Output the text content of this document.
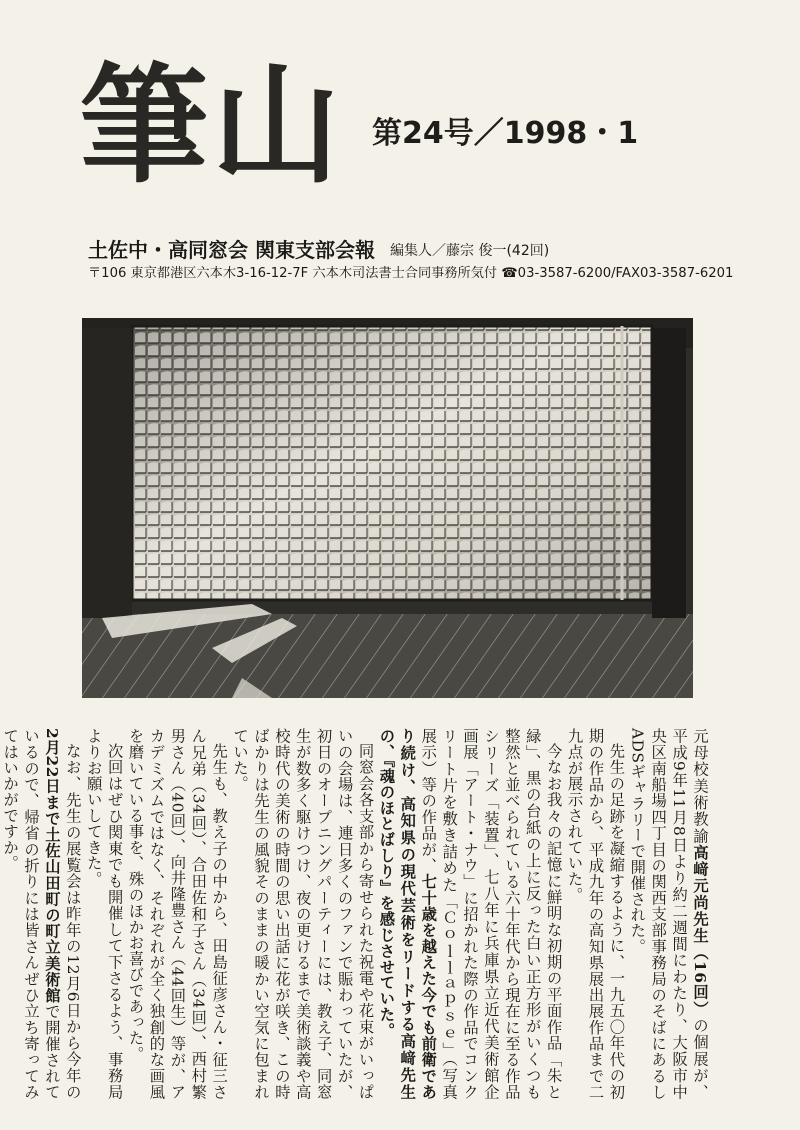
筆山 第24号／1998・1
土佐中・高同窓会 関東支部会報 編集人／藤宗 俊一(42回)
〒106 東京都港区六本木3-16-12-7F 六本木司法書士合同事務所気付 ☎03-3587-6200/FAX03-3587-6201

元母校美術教諭高﨑元尚先生（16回）の個展が、平成9年11月8日より約二週間にわたり、大阪市中央区南船場四丁目の関西支部事務局のそばにあるしADSギャラリーで開催された。

先生の足跡を凝縮するように、一九五〇年代の初期の作品から、平成九年の高知県展出展作品まで二九点が展示されていた。

今なお我々の記憶に鮮明な初期の平面作品「朱と緑」、黒の台紙の上に反った白い正方形がいくつも整然と並べられている六十年代から現在に至る作品シリーズ「装置」、七八年に兵庫県立近代美術館企画展「アート・ナウ」に招かれた際の作品でコンクリート片を敷き詰めた「Ｃｏｌｌａｐｓｅ」（写真展示）等の作品が、七十歳を越えた今でも前衛であり続け、高知県の現代芸術をリードする高﨑先生の、『魂のほとばしり』を感じさせていた。

同窓会各支部から寄せられた祝電や花束がいっぱいの会場は、連日多くのファンで賑わっていたが、初日のオープニングパーティーには、教え子、同窓生が数多く駆けつけ、夜の更けるまで美術談義や高校時代の美術の時間の思い出話に花が咲き、この時ばかりは先生の風貌そのままの暖かい空気に包まれていた。

先生も、教え子の中から、田島征彦さん・征三さん兄弟（34回）、合田佐和子さん（34回）、西村繁男さん（40回）、向井隆豊さん（44回生）等が、アカデミズムではなく、それぞれが全く独創的な画風を磨いている事を、殊のほかお喜びであった。

次回はぜひ関東でも開催して下さるよう、事務局よりお願いしてきた。

なお、先生の展覧会は昨年の12月6日から今年の2月22日まで土佐山田町の町立美術館で開催されているので、帰省の折りには皆さんぜひ立ち寄ってみてはいかがですか。
